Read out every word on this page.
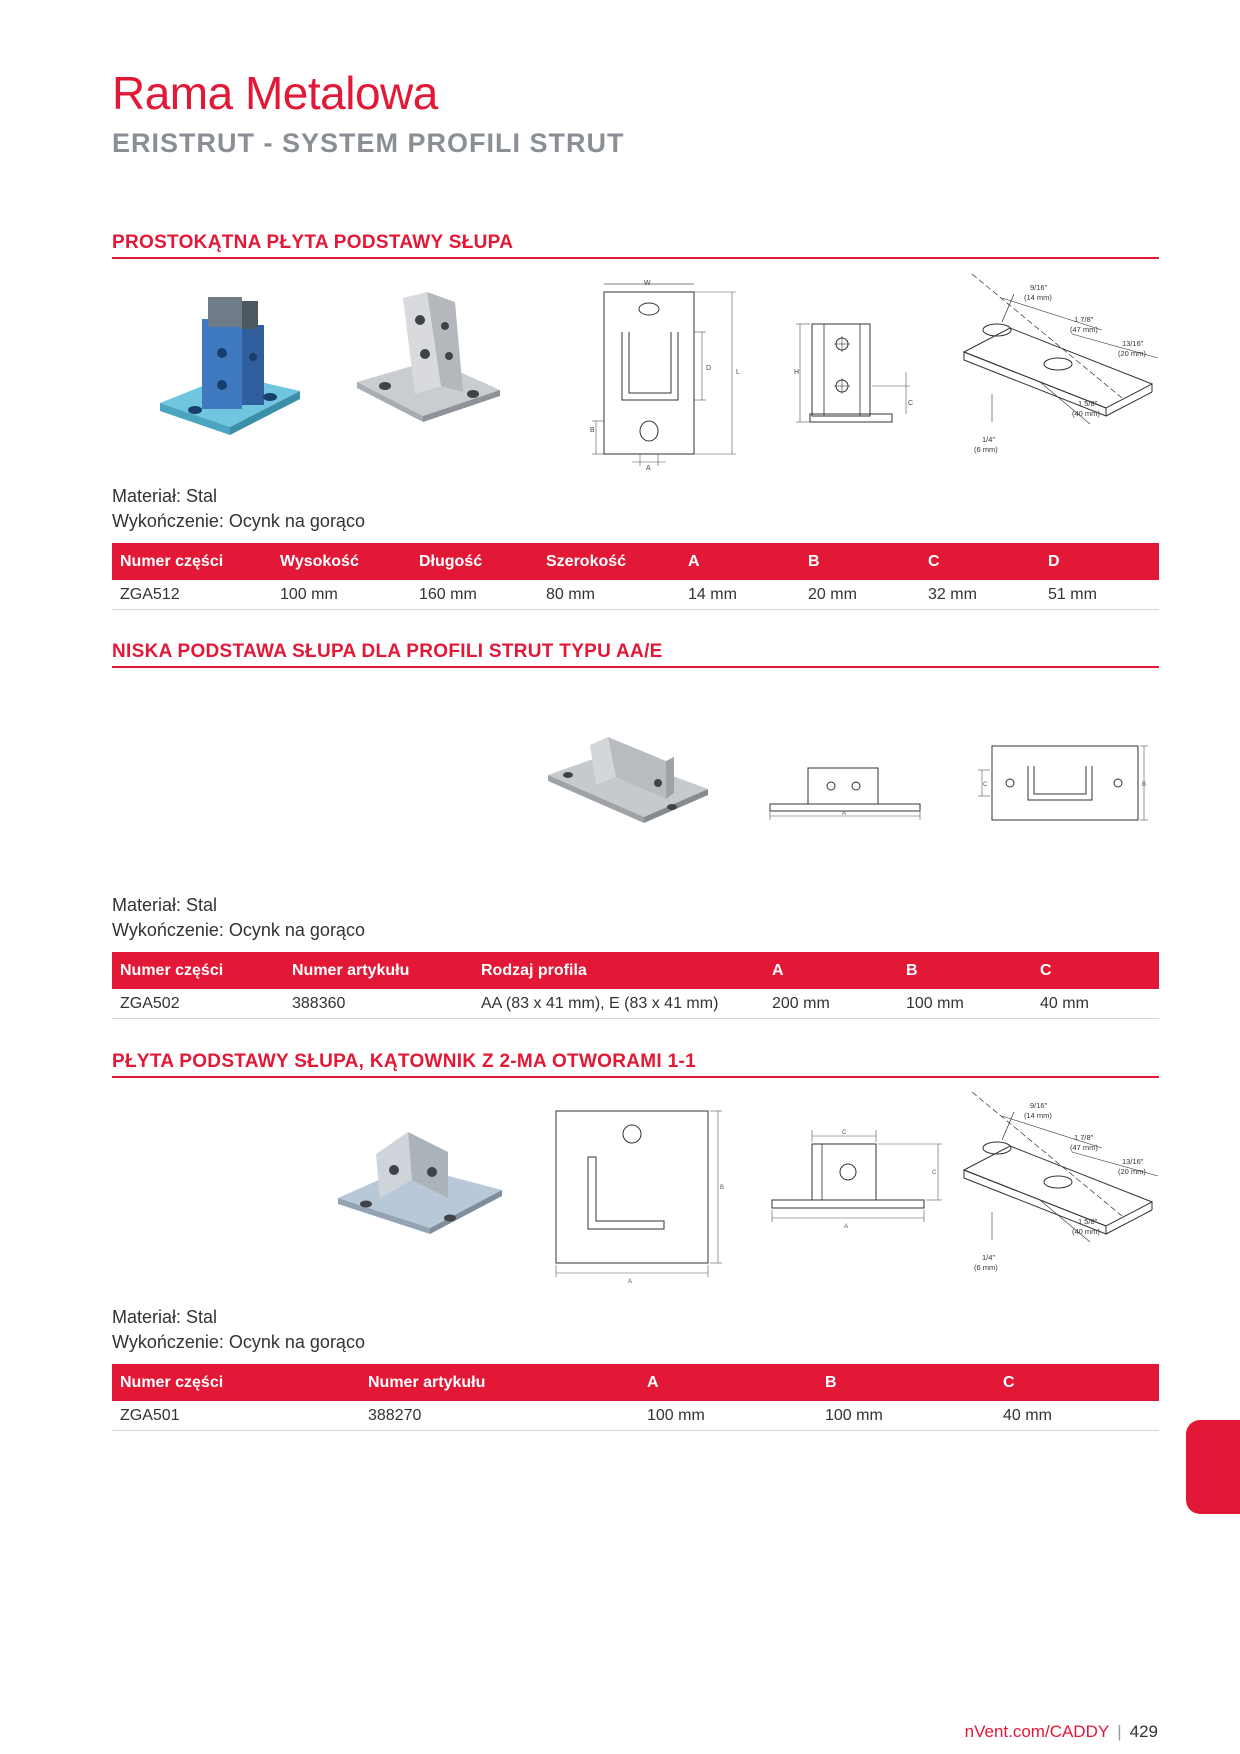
Rama Metalowa
ERISTRUT - SYSTEM PROFILI STRUT
PROSTOKĄTNA PŁYTA PODSTAWY SŁUPA
W
D
L
B
A
H
C
9/16"
(14 mm)
1 7/8"
(47 mm)
13/16"
(20 mm)
1 5/8"
(40 mm)
1/4"
(6 mm)
Materiał: Stal
Wykończenie: Ocynk na gorąco
Numer części	Wysokość	Długość	Szerokość	A	B	C	D
ZGA512	100 mm	160 mm	80 mm	14 mm	20 mm	32 mm	51 mm
NISKA PODSTAWA SŁUPA DLA PROFILI STRUT TYPU AA/E
A
C	B
Materiał: Stal
Wykończenie: Ocynk na gorąco
Numer części	Numer artykułu	Rodzaj profila	A	B	C
ZGA502	388360	AA (83 x 41 mm), E (83 x 41 mm)	200 mm	100 mm	40 mm
PŁYTA PODSTAWY SŁUPA, KĄTOWNIK Z 2-MA OTWORAMI 1-1
B
A
C
C
A
9/16"
(14 mm)
1 7/8"
(47 mm)
13/16"
(20 mm)
1 5/8"
(40 mm)
1/4"
(6 mm)
Materiał: Stal
Wykończenie: Ocynk na gorąco
Numer części	Numer artykułu	A	B	C
ZGA501	388270	100 mm	100 mm	40 mm
nVent.com/CADDY | 429
